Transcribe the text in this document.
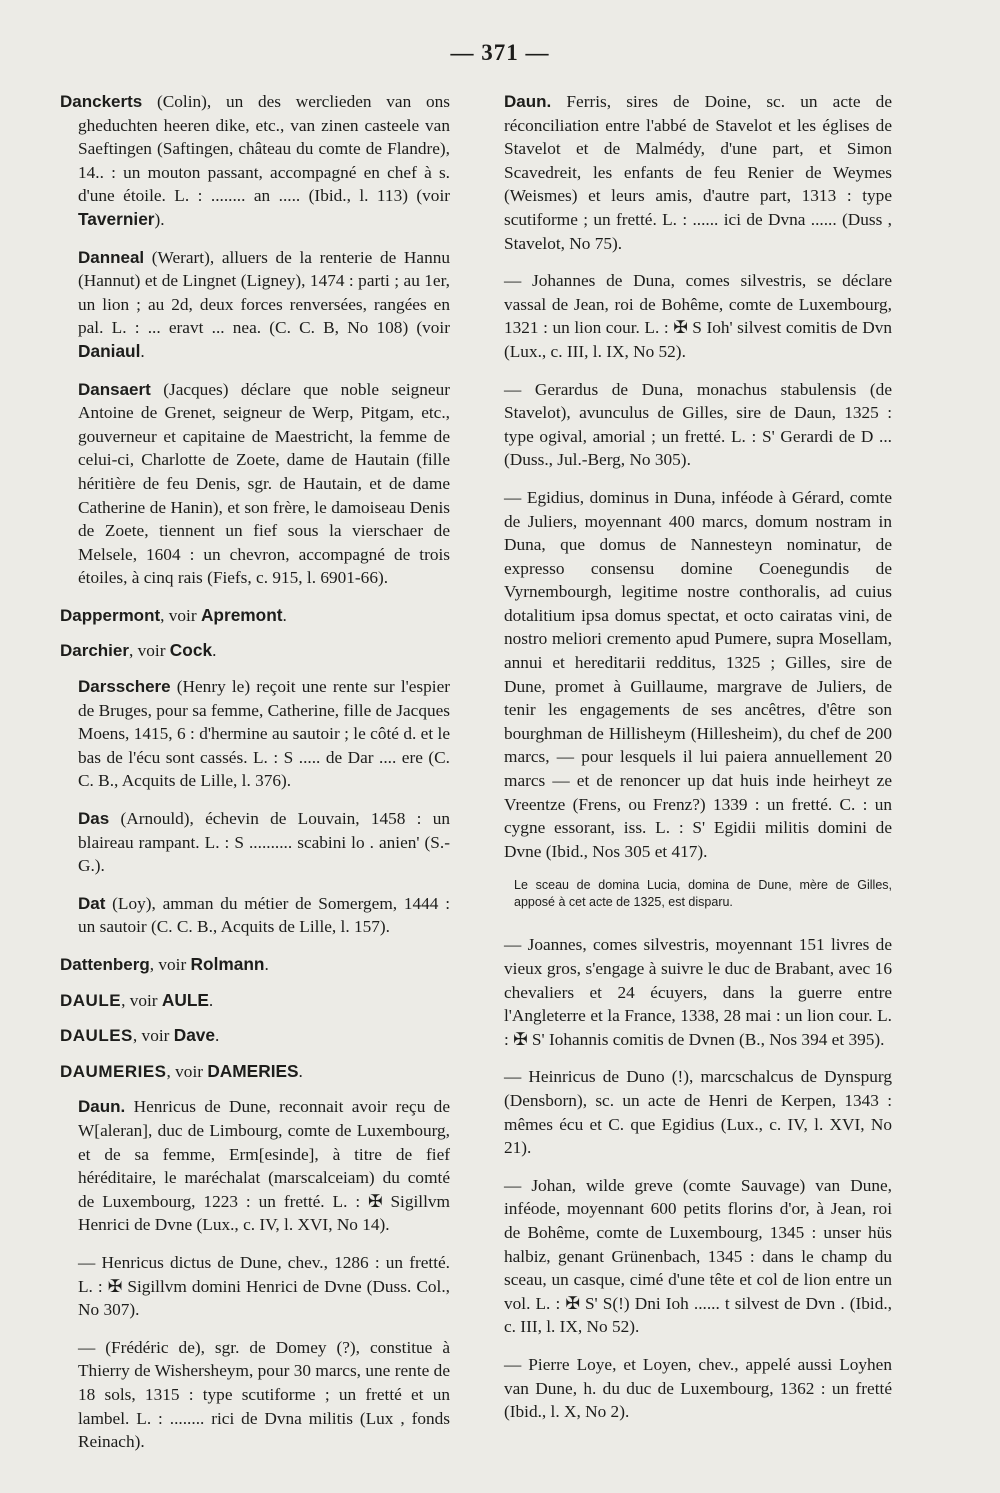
— 371 —

Danckerts (Colin), un des werclieden van ons gheduchten heeren dike, etc., van zinen casteele van Saeftingen (Saftingen, château du comte de Flandre), 14.. : un mouton passant, accompagné en chef à s. d'une étoile. L. : ........ an ..... (Ibid., l. 113) (voir Tavernier).

Danneal (Werart), alluers de la renterie de Hannu (Hannut) et de Lingnet (Ligney), 1474 : parti ; au 1er, un lion ; au 2d, deux forces renversées, rangées en pal. L. : ... eravt ... nea. (C. C. B, No 108) (voir Daniaul.

Dansaert (Jacques) déclare que noble seigneur Antoine de Grenet, seigneur de Werp, Pitgam, etc., gouverneur et capitaine de Maestricht, la femme de celui-ci, Charlotte de Zoete, dame de Hautain (fille héritière de feu Denis, sgr. de Hautain, et de dame Catherine de Hanin), et son frère, le damoiseau Denis de Zoete, tiennent un fief sous la vierschaer de Melsele, 1604 : un chevron, accompagné de trois étoiles, à cinq rais (Fiefs, c. 915, l. 6901-66).

Dappermont, voir Apremont.

Darchier, voir Cock.

Darsschere (Henry le) reçoit une rente sur l'espier de Bruges, pour sa femme, Catherine, fille de Jacques Moens, 1415, 6 : d'hermine au sautoir ; le côté d. et le bas de l'écu sont cassés. L. : S ..... de Dar .... ere (C. C. B., Acquits de Lille, l. 376).

Das (Arnould), échevin de Louvain, 1458 : un blaireau rampant. L. : S .......... scabini lo . anien' (S.-G.).

Dat (Loy), amman du métier de Somergem, 1444 : un sautoir (C. C. B., Acquits de Lille, l. 157).

Dattenberg, voir Rolmann.

DAULE, voir AULE.

DAULES, voir Dave.

DAUMERIES, voir DAMERIES.

Daun. Henricus de Dune, reconnait avoir reçu de W[aleran], duc de Limbourg, comte de Luxembourg, et de sa femme, Erm[esinde], à titre de fief héréditaire, le maréchalat (marscalceiam) du comté de Luxembourg, 1223 : un fretté. L. : ✠ Sigillvm Henrici de Dvne (Lux., c. IV, l. XVI, No 14).

— Henricus dictus de Dune, chev., 1286 : un fretté. L. : ✠ Sigillvm domini Henrici de Dvne (Duss. Col., No 307).

— (Frédéric de), sgr. de Domey (?), constitue à Thierry de Wishersheym, pour 30 marcs, une rente de 18 sols, 1315 : type scutiforme ; un fretté et un lambel. L. : ........ rici de Dvna militis (Lux , fonds Reinach).

Daun. Ferris, sires de Doine, sc. un acte de réconciliation entre l'abbé de Stavelot et les églises de Stavelot et de Malmédy, d'une part, et Simon Scavedreit, les enfants de feu Renier de Weymes (Weismes) et leurs amis, d'autre part, 1313 : type scutiforme ; un fretté. L. : ...... ici de Dvna ...... (Duss , Stavelot, No 75).

— Johannes de Duna, comes silvestris, se déclare vassal de Jean, roi de Bohême, comte de Luxembourg, 1321 : un lion cour. L. : ✠ S Ioh' silvest comitis de Dvn (Lux., c. III, l. IX, No 52).

— Gerardus de Duna, monachus stabulensis (de Stavelot), avunculus de Gilles, sire de Daun, 1325 : type ogival, amorial ; un fretté. L. : S' Gerardi de D ... (Duss., Jul.-Berg, No 305).

— Egidius, dominus in Duna, inféode à Gérard, comte de Juliers, moyennant 400 marcs, domum nostram in Duna, que domus de Nannesteyn nominatur, de expresso consensu domine Coenegundis de Vyrnembourgh, legitime nostre conthoralis, ad cuius dotalitium ipsa domus spectat, et octo cairatas vini, de nostro meliori cremento apud Pumere, supra Mosellam, annui et hereditarii redditus, 1325 ; Gilles, sire de Dune, promet à Guillaume, margrave de Juliers, de tenir les engagements de ses ancêtres, d'être son bourghman de Hillisheym (Hillesheim), du chef de 200 marcs, — pour lesquels il lui paiera annuellement 20 marcs — et de renoncer up dat huis inde heirheyt ze Vreentze (Frens, ou Frenz?) 1339 : un fretté. C. : un cygne essorant, iss. L. : S' Egidii militis domini de Dvne (Ibid., Nos 305 et 417).

Le sceau de domina Lucia, domina de Dune, mère de Gilles, apposé à cet acte de 1325, est disparu.

— Joannes, comes silvestris, moyennant 151 livres de vieux gros, s'engage à suivre le duc de Brabant, avec 16 chevaliers et 24 écuyers, dans la guerre entre l'Angleterre et la France, 1338, 28 mai : un lion cour. L. : ✠ S' Iohannis comitis de Dvnen (B., Nos 394 et 395).

— Heinricus de Duno (!), marcschalcus de Dynspurg (Densborn), sc. un acte de Henri de Kerpen, 1343 : mêmes écu et C. que Egidius (Lux., c. IV, l. XVI, No 21).

— Johan, wilde greve (comte Sauvage) van Dune, inféode, moyennant 600 petits florins d'or, à Jean, roi de Bohême, comte de Luxembourg, 1345 : unser hüs halbiz, genant Grünenbach, 1345 : dans le champ du sceau, un casque, cimé d'une tête et col de lion entre un vol. L. : ✠ S' S(!) Dni Ioh ...... t silvest de Dvn . (Ibid., c. III, l. IX, No 52).

— Pierre Loye, et Loyen, chev., appelé aussi Loyhen van Dune, h. du duc de Luxembourg, 1362 : un fretté (Ibid., l. X, No 2).
